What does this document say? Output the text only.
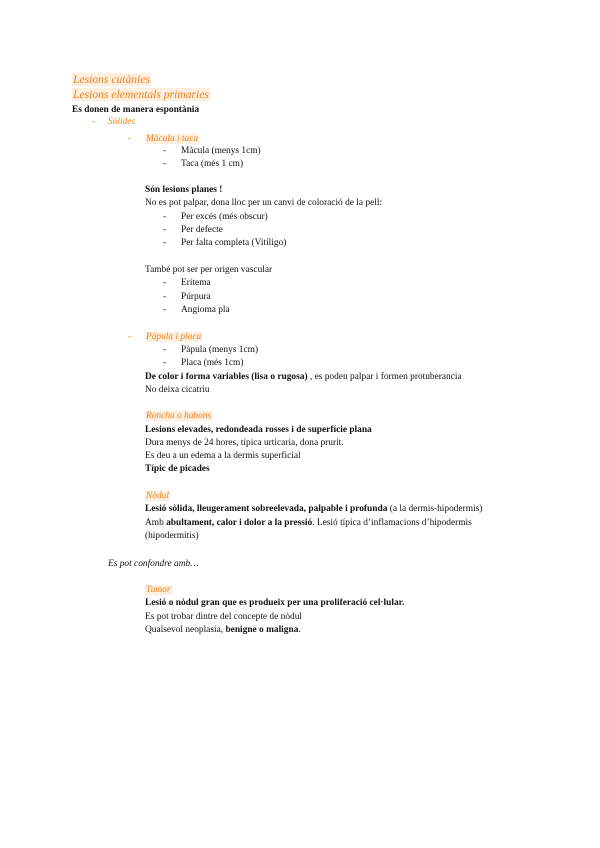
Lesions cutànies
Lesions elementals primaries
Es donen de manera espontània
- Sòlides
- Màcula i taca
- Màcula (menys 1cm)
- Taca (més 1 cm)
Són lesions planes !
No es pot palpar, dona lloc per un canvi de coloració de la pell:
- Per excés (més obscur)
- Per defecte
- Per falta completa (Vitíligo)
També pot ser per origen vascular
- Eritema
- Púrpura
- Angioma pla
- Pàpula i placa
- Pàpula (menys 1cm)
- Placa (més 1cm)
De color i forma variables (lisa o rugosa) , es poden palpar i formen protuberancia
No deixa cicatriu
Roncha o habons
Lesions elevades, redondeada rosses i de superfície plana
Dura menys de 24 hores, típica urticaria, dona prurit.
Es deu a un edema a la dermis superficial
Típic de picades
Nòdul
Lesió sòlida, lleugerament sobreelevada, palpable i profunda (a la dermis-hipodermis)
Amb abultament, calor i dolor a la pressió. Lesió típica d’inflamacions d’hipodermis
(hipodermitis)
Es pot confondre amb…
Tumor
Lesió o nòdul gran que es produeix per una proliferació cel·lular.
Es pot trobar dintre del concepte de nòdul
Qualsevol neoplasia, benigne o maligna.
